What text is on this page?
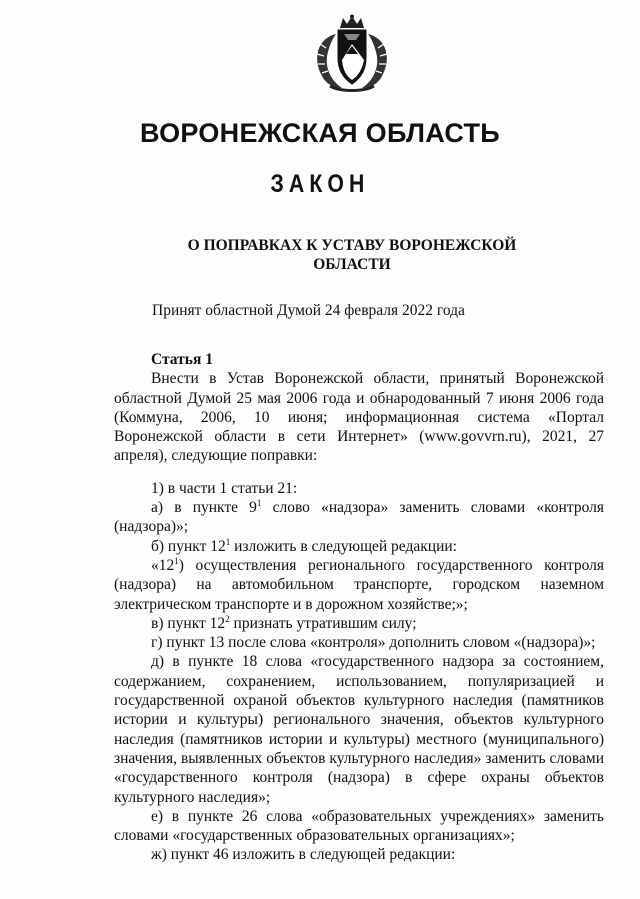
ВОРОНЕЖСКАЯ ОБЛАСТЬ
ЗАКОН
О ПОПРАВКАХ К УСТАВУ ВОРОНЕЖСКОЙ
ОБЛАСТИ
Принят областной Думой 24 февраля 2022 года

Статья 1

Внести в Устав Воронежской области, принятый Воронежской областной Думой 25 мая 2006 года и обнародованный 7 июня 2006 года (Коммуна, 2006, 10 июня; информационная система «Портал Воронежской области в сети Интернет» (www.govvrn.ru), 2021, 27 апреля), следующие поправки:

1) в части 1 статьи 21:

а) в пункте $9^1$ слово «надзора» заменить словами «контроля (надзора)»;

б) пункт $12^1$ изложить в следующей редакции:

«$12^1$) осуществления регионального государственного контроля (надзора) на автомобильном транспорте, городском наземном электрическом транспорте и в дорожном хозяйстве;»;

в) пункт $12^2$ признать утратившим силу;

г) пункт 13 после слова «контроля» дополнить словом «(надзора)»;

д) в пункте 18 слова «государственного надзора за состоянием, содержанием, сохранением, использованием, популяризацией и государственной охраной объектов культурного наследия (памятников истории и культуры) регионального значения, объектов культурного наследия (памятников истории и культуры) местного (муниципального) значения, выявленных объектов культурного наследия» заменить словами «государственного контроля (надзора) в сфере охраны объектов культурного наследия»;

е) в пункте 26 слова «образовательных учреждениях» заменить словами «государственных образовательных организациях»;

ж) пункт 46 изложить в следующей редакции:
